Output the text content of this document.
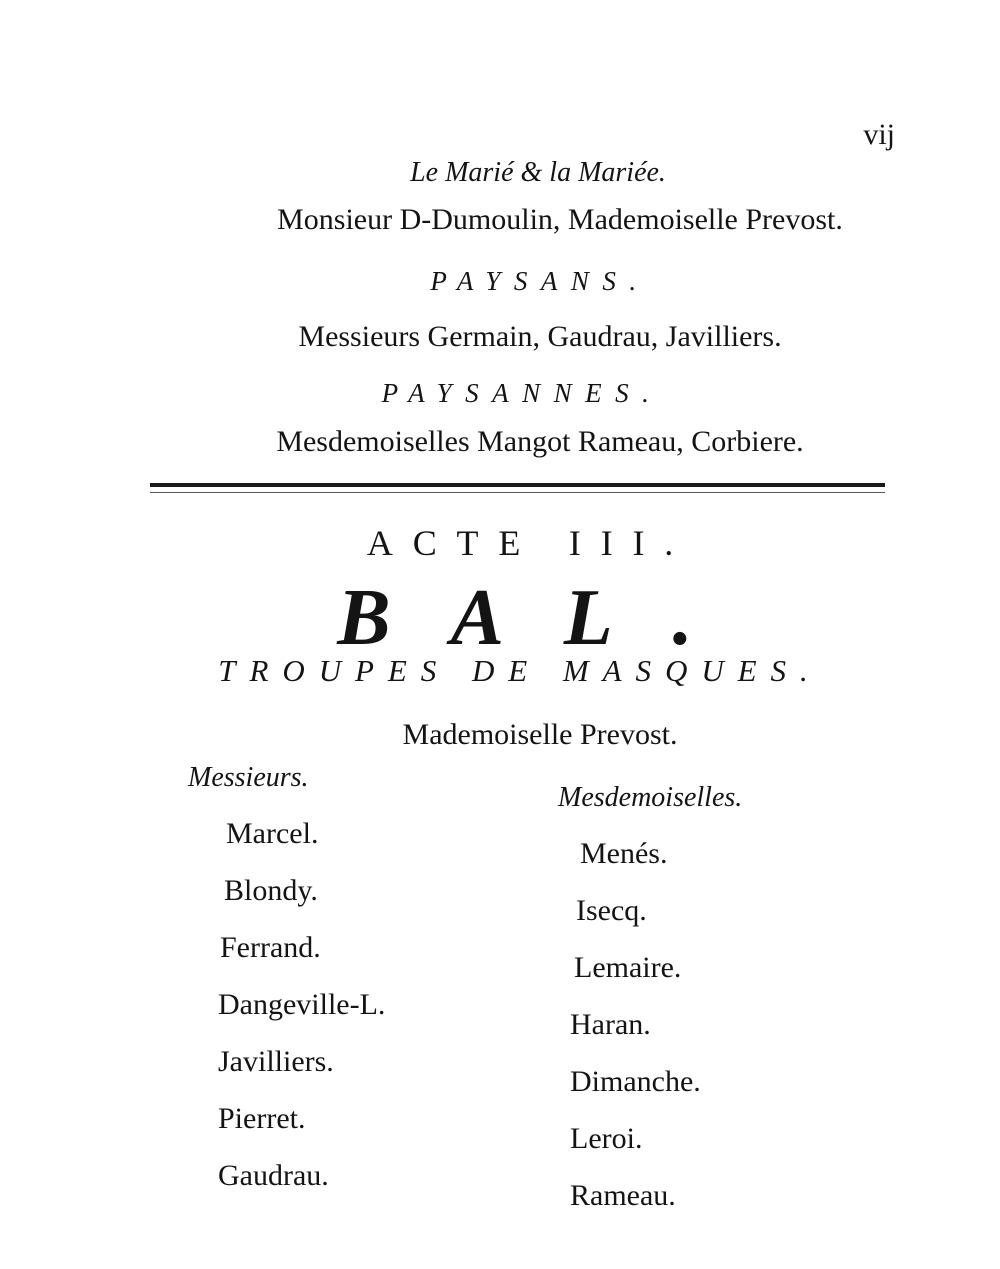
vij
Le Marié & la Mariée.
Monsieur D-Dumoulin, Mademoiselle Prevost.
PAYSANS.
Messieurs Germain, Gaudrau, Javilliers.
PAYSANNES.
Mesdemoiselles Mangot Rameau, Corbiere.
ACTE III.
BAL.
TROUPES DE MASQUES.
Mademoiselle Prevost.
Messieurs.
Marcel.
Blondy.
Ferrand.
Dangeville-L.
Javilliers.
Pierret.
Gaudrau.
Mesdemoiselles.
Menés.
Isecq.
Lemaire.
Haran.
Dimanche.
Leroi.
Rameau.
